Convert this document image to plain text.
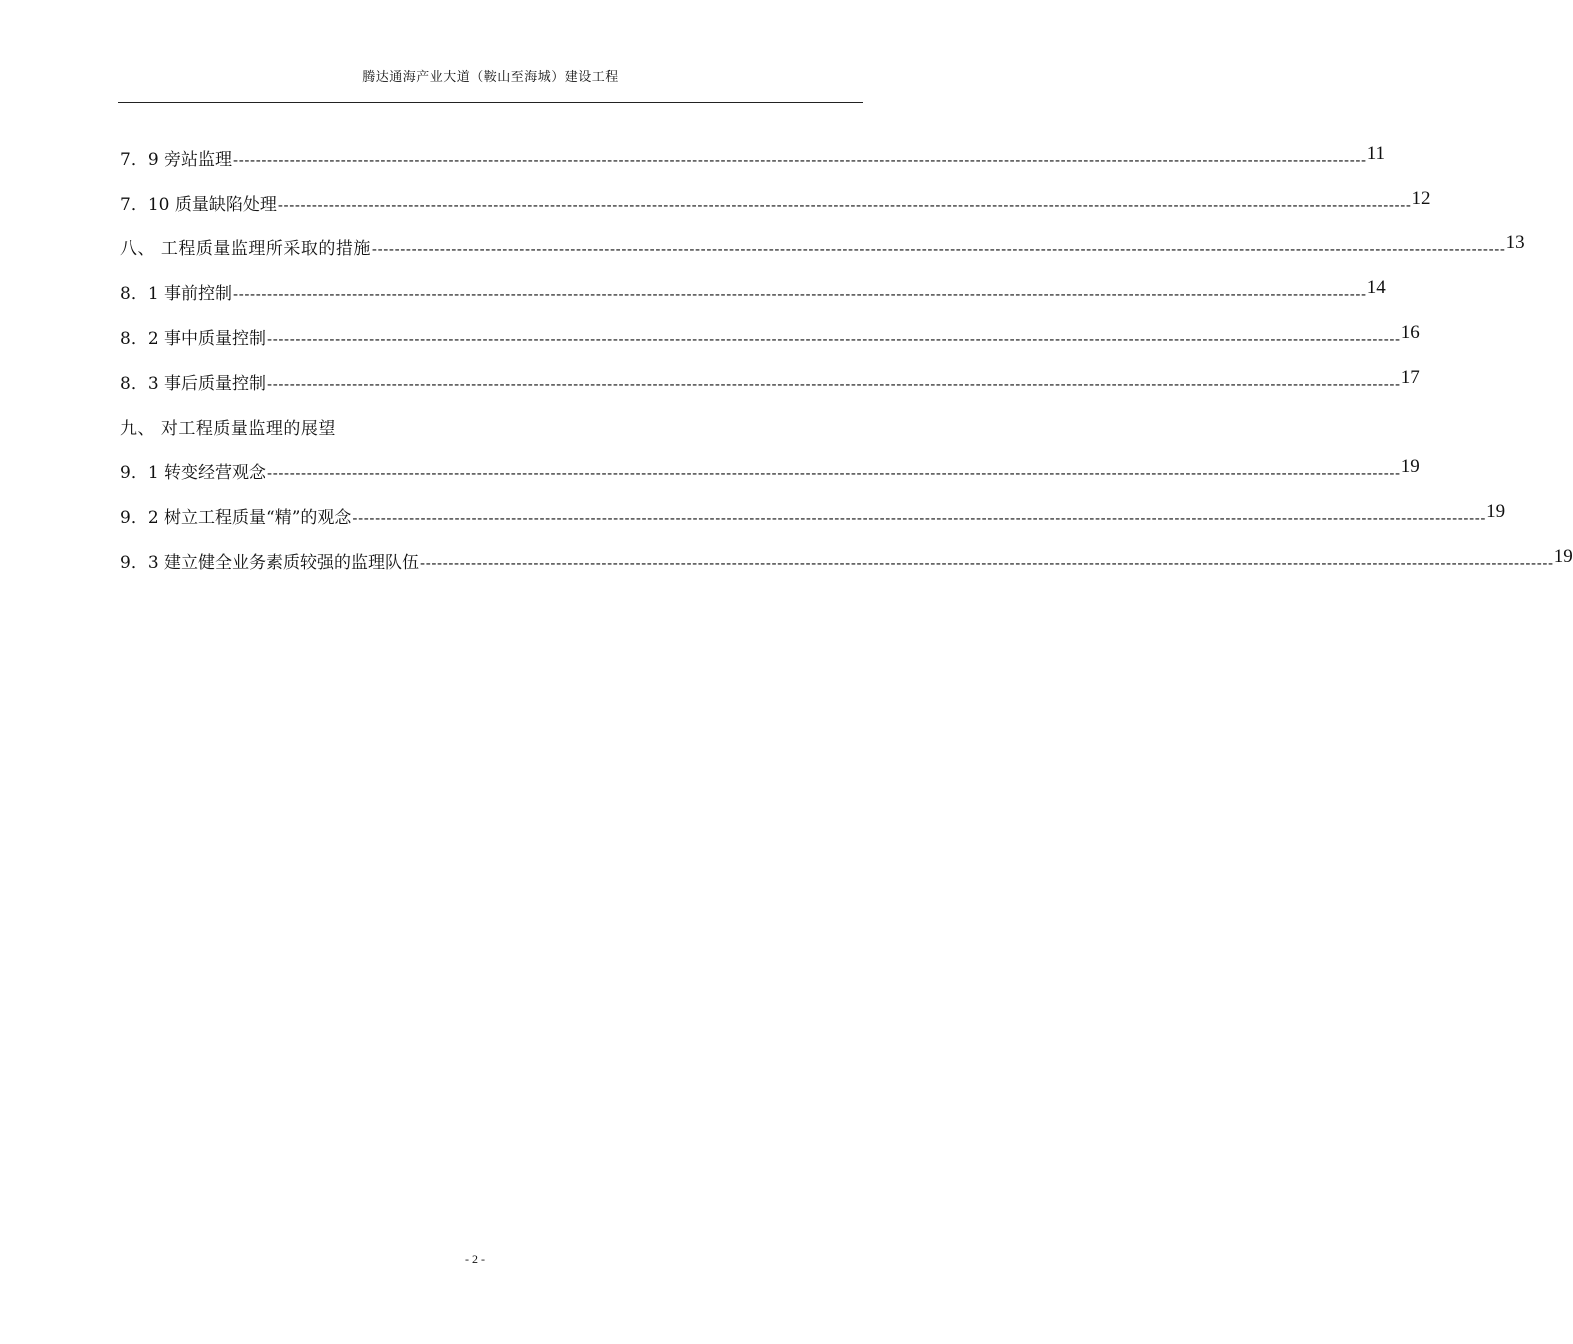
腾达通海产业大道（鞍山至海城）建设工程
7．9 旁站监理 -------------------------------------------------------------------------------------------------------------------------------------------------------------------------------------------------------- 11
7．10 质量缺陷处理 -------------------------------------------------------------------------------------------------------------------------------------------------------------------------------------------------------- 12
八、 工程质量监理所采取的措施 -------------------------------------------------------------------------------------------------------------------------------------------------------------------------------------------------------- 13
8．1 事前控制 -------------------------------------------------------------------------------------------------------------------------------------------------------------------------------------------------------- 14
8．2 事中质量控制 -------------------------------------------------------------------------------------------------------------------------------------------------------------------------------------------------------- 16
8．3 事后质量控制 -------------------------------------------------------------------------------------------------------------------------------------------------------------------------------------------------------- 17
九、 对工程质量监理的展望
9．1 转变经营观念 -------------------------------------------------------------------------------------------------------------------------------------------------------------------------------------------------------- 19
9．2 树立工程质量“精”的观念 -------------------------------------------------------------------------------------------------------------------------------------------------------------------------------------------------------- 19
9．3 建立健全业务素质较强的监理队伍 -------------------------------------------------------------------------------------------------------------------------------------------------------------------------------------------------------- 19
- 2 -
